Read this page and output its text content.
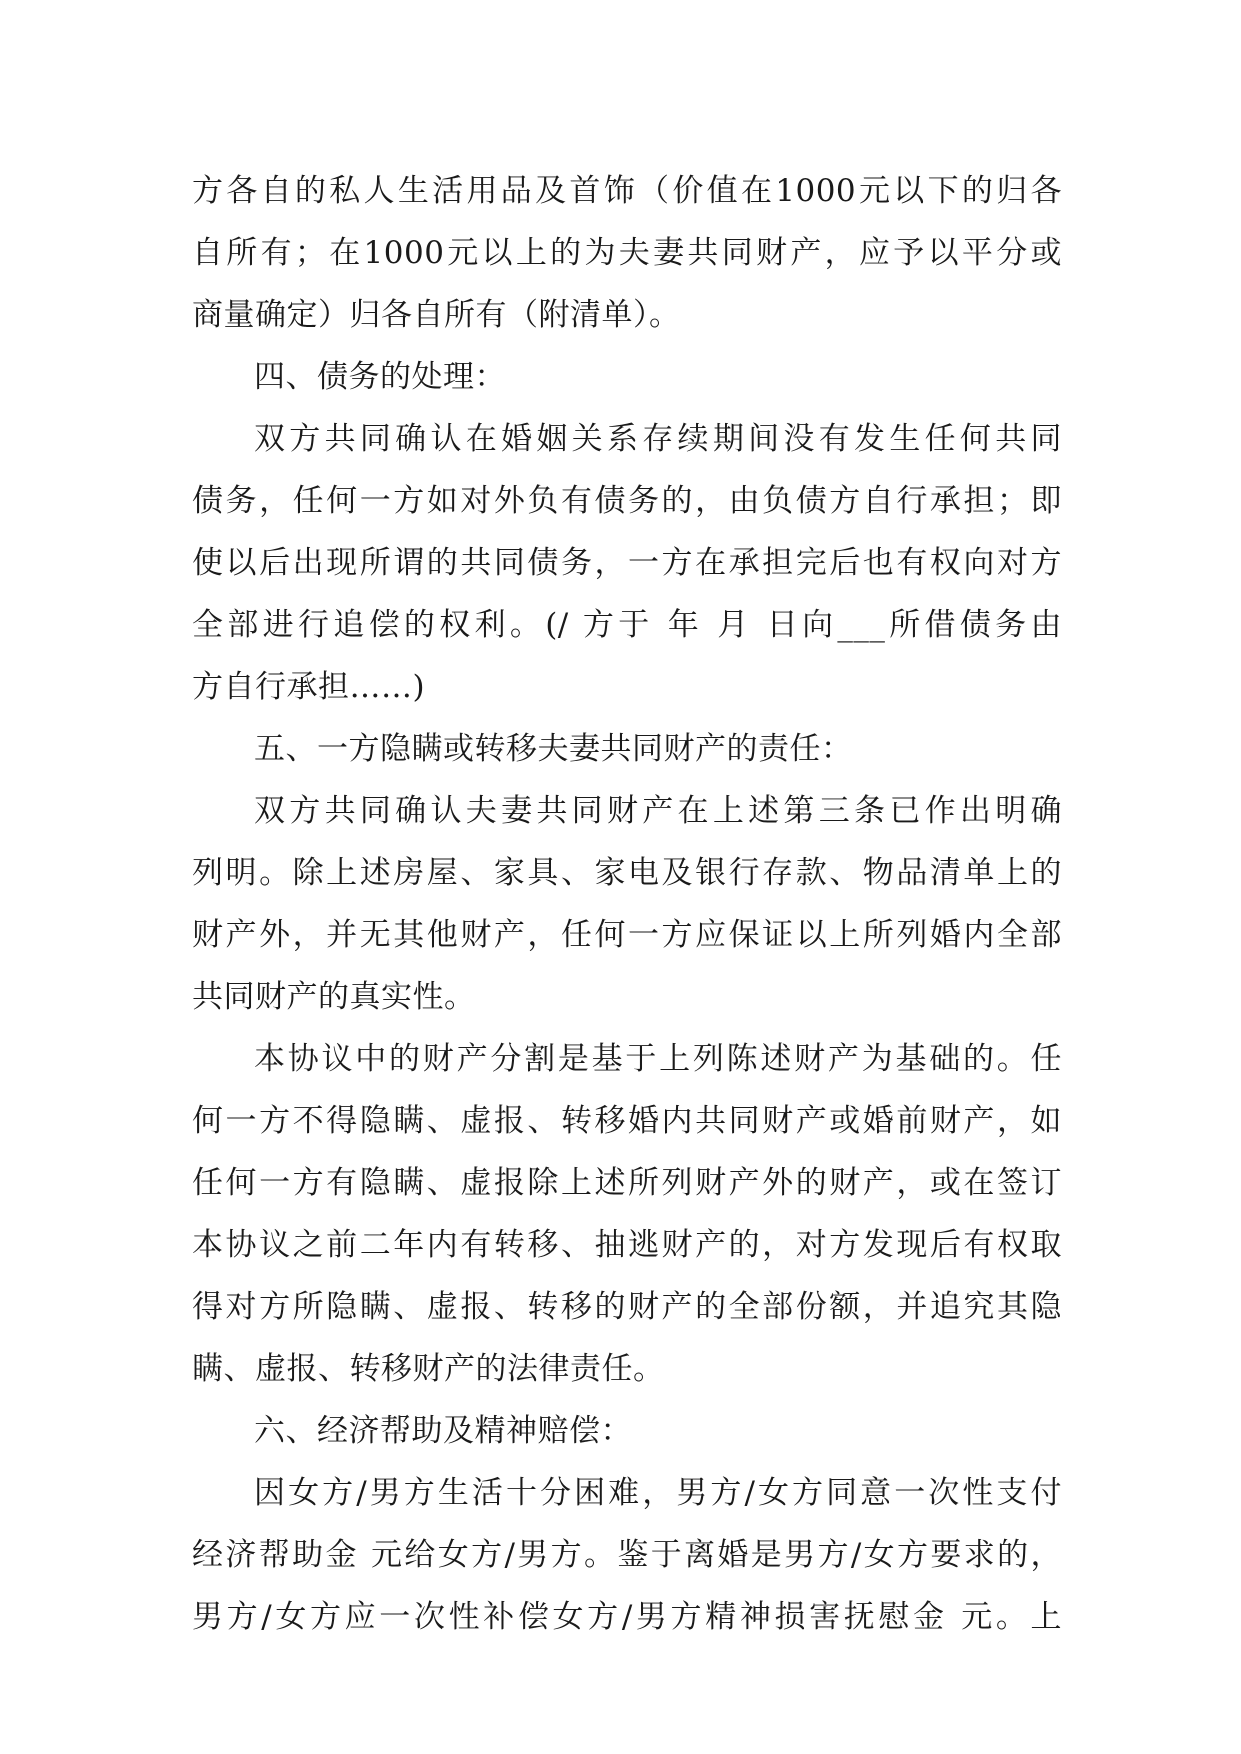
方各自的私人生活用品及首饰（价值在1000元以下的归各
自所有；在1000元以上的为夫妻共同财产，应予以平分或
商量确定）归各自所有（附清单）。
四、债务的处理：
双方共同确认在婚姻关系存续期间没有发生任何共同
债务，任何一方如对外负有债务的，由负债方自行承担；即
使以后出现所谓的共同债务，一方在承担完后也有权向对方
全部进行追偿的权利。(/ 方于 年 月 日向___所借债务由
方自行承担……)
五、一方隐瞒或转移夫妻共同财产的责任：
双方共同确认夫妻共同财产在上述第三条已作出明确
列明。除上述房屋、家具、家电及银行存款、物品清单上的
财产外，并无其他财产，任何一方应保证以上所列婚内全部
共同财产的真实性。
本协议中的财产分割是基于上列陈述财产为基础的。任
何一方不得隐瞒、虚报、转移婚内共同财产或婚前财产，如
任何一方有隐瞒、虚报除上述所列财产外的财产，或在签订
本协议之前二年内有转移、抽逃财产的，对方发现后有权取
得对方所隐瞒、虚报、转移的财产的全部份额，并追究其隐
瞒、虚报、转移财产的法律责任。
六、经济帮助及精神赔偿：
因女方/男方生活十分困难，男方/女方同意一次性支付
经济帮助金 元给女方/男方。鉴于离婚是男方/女方要求的，
男方/女方应一次性补偿女方/男方精神损害抚慰金 元。上
